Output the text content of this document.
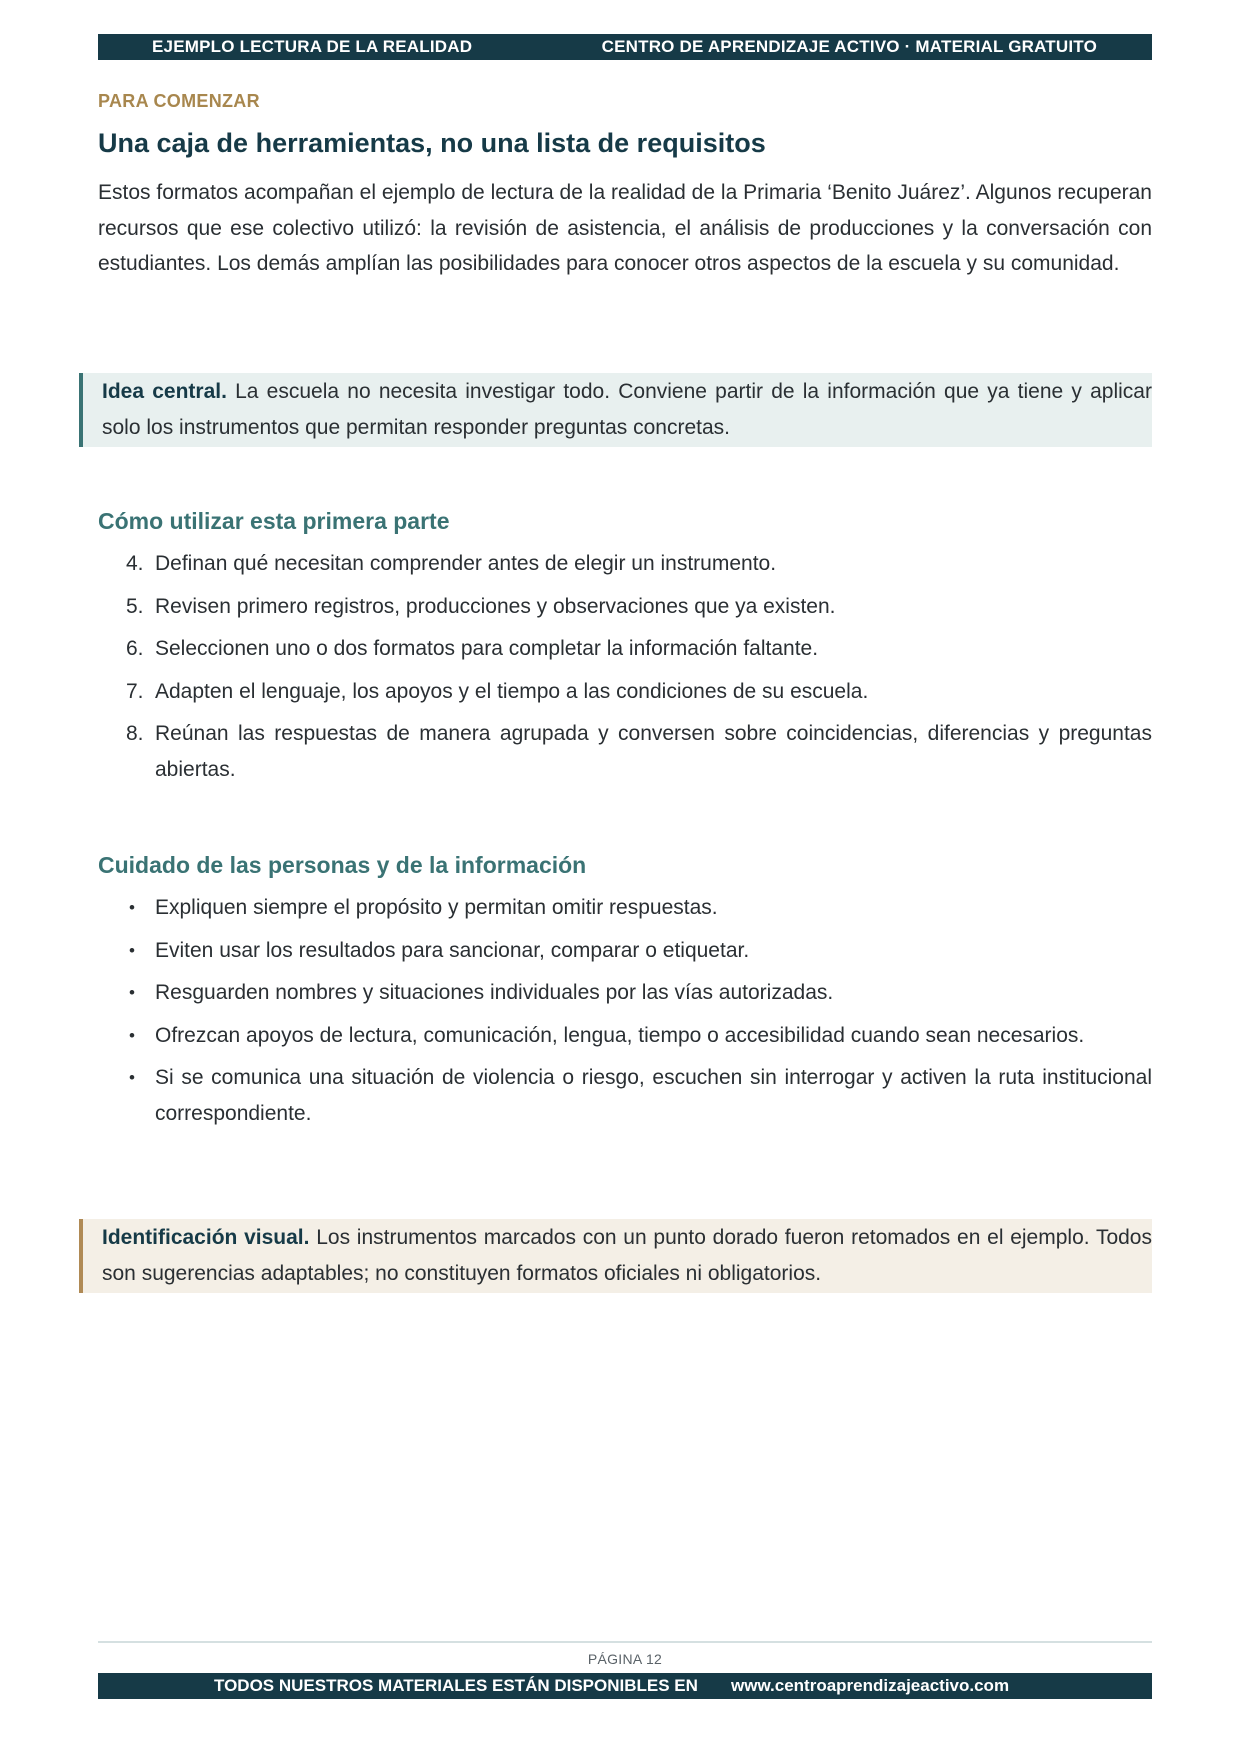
EJEMPLO LECTURA DE LA REALIDAD	CENTRO DE APRENDIZAJE ACTIVO · MATERIAL GRATUITO
PARA COMENZAR
Una caja de herramientas, no una lista de requisitos

Estos formatos acompañan el ejemplo de lectura de la realidad de la Primaria ‘Benito Juárez’. Algunos recuperan recursos que ese colectivo utilizó: la revisión de asistencia, el análisis de producciones y la conversación con estudiantes. Los demás amplían las posibilidades para conocer otros aspectos de la escuela y su comunidad.

Idea central. La escuela no necesita investigar todo. Conviene partir de la información que ya tiene y aplicar solo los instrumentos que permitan responder preguntas concretas.
Cómo utilizar esta primera parte
4. Definan qué necesitan comprender antes de elegir un instrumento.
5. Revisen primero registros, producciones y observaciones que ya existen.
6. Seleccionen uno o dos formatos para completar la información faltante.
7. Adapten el lenguaje, los apoyos y el tiempo a las condiciones de su escuela.
8. Reúnan las respuestas de manera agrupada y conversen sobre coincidencias, diferencias y preguntas abiertas.
Cuidado de las personas y de la información
• Expliquen siempre el propósito y permitan omitir respuestas.
• Eviten usar los resultados para sancionar, comparar o etiquetar.
• Resguarden nombres y situaciones individuales por las vías autorizadas.
• Ofrezcan apoyos de lectura, comunicación, lengua, tiempo o accesibilidad cuando sean necesarios.
• Si se comunica una situación de violencia o riesgo, escuchen sin interrogar y activen la ruta institucional correspondiente.
Identificación visual. Los instrumentos marcados con un punto dorado fueron retomados en el ejemplo. Todos son sugerencias adaptables; no constituyen formatos oficiales ni obligatorios.
PÁGINA 12
TODOS NUESTROS MATERIALES ESTÁN DISPONIBLES EN www.centroaprendizajeactivo.com
